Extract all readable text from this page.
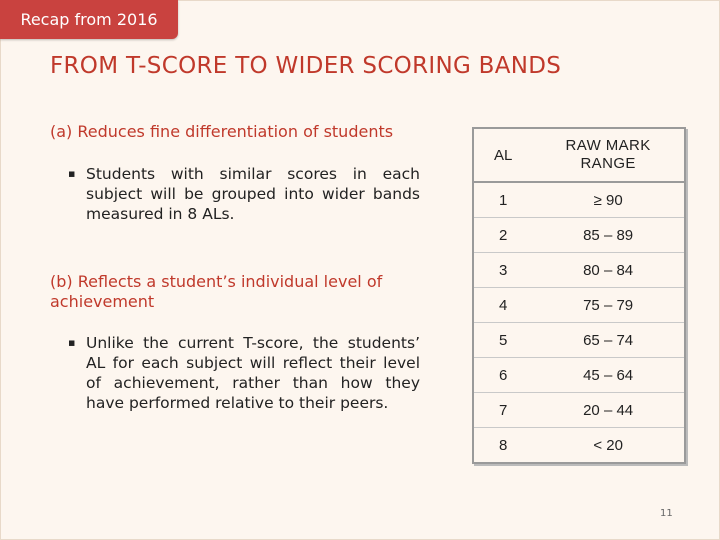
Recap from 2016
FROM T-SCORE TO WIDER SCORING BANDS
(a) Reduces fine differentiation of students
▪ Students with similar scores in each subject will be grouped into wider bands measured in 8 ALs.
(b) Reflects a student’s individual level of achievement
▪ Unlike the current T-score, the students’ AL for each subject will reflect their level of achievement, rather than how they have performed relative to their peers.
AL	RAW MARK RANGE

1	≥ 90
2	85 – 89
3	80 – 84
4	75 – 79
5	65 – 74
6	45 – 64
7	20 – 44
8	< 20
11
